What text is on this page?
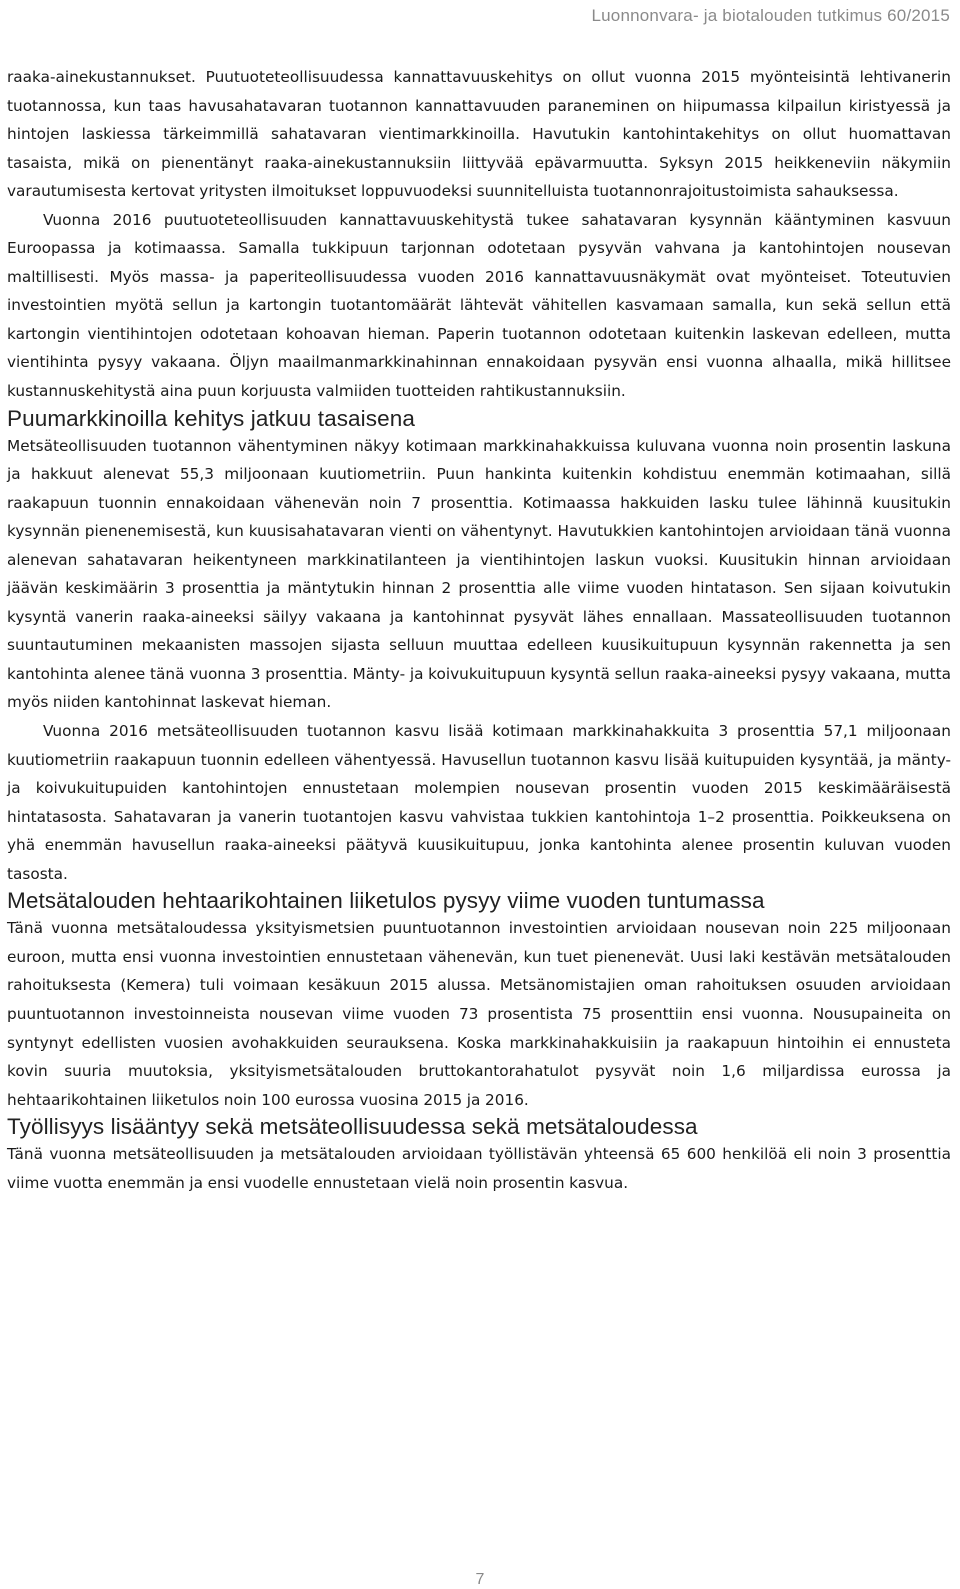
Luonnonvara- ja biotalouden tutkimus 60/2015

raaka-ainekustannukset. Puutuoteteollisuudessa kannattavuuskehitys on ollut vuonna 2015 myönteisintä lehtivanerin tuotannossa, kun taas havusahatavaran tuotannon kannattavuuden paraneminen on hiipumassa kilpailun kiristyessä ja hintojen laskiessa tärkeimmillä sahatavaran vientimarkkinoilla. Havutukin kantohintakehitys on ollut huomattavan tasaista, mikä on pienentänyt raaka-ainekustannuksiin liittyvää epävarmuutta. Syksyn 2015 heikkeneviin näkymiin varautumisesta kertovat yritysten ilmoitukset loppuvuodeksi suunnitelluista tuotannonrajoitustoimista sahauksessa.

Vuonna 2016 puutuoteteollisuuden kannattavuuskehitystä tukee sahatavaran kysynnän kääntyminen kasvuun Euroopassa ja kotimaassa. Samalla tukkipuun tarjonnan odotetaan pysyvän vahvana ja kantohintojen nousevan maltillisesti. Myös massa- ja paperiteollisuudessa vuoden 2016 kannattavuusnäkymät ovat myönteiset. Toteutuvien investointien myötä sellun ja kartongin tuotantomäärät lähtevät vähitellen kasvamaan samalla, kun sekä sellun että kartongin vientihintojen odotetaan kohoavan hieman. Paperin tuotannon odotetaan kuitenkin laskevan edelleen, mutta vientihinta pysyy vakaana. Öljyn maailmanmarkkinahinnan ennakoidaan pysyvän ensi vuonna alhaalla, mikä hillitsee kustannuskehitystä aina puun korjuusta valmiiden tuotteiden rahtikustannuksiin.

Puumarkkinoilla kehitys jatkuu tasaisena

Metsäteollisuuden tuotannon vähentyminen näkyy kotimaan markkinahakkuissa kuluvana vuonna noin prosentin laskuna ja hakkuut alenevat 55,3 miljoonaan kuutiometriin. Puun hankinta kuitenkin kohdistuu enemmän kotimaahan, sillä raakapuun tuonnin ennakoidaan vähenevän noin 7 prosenttia. Kotimaassa hakkuiden lasku tulee lähinnä kuusitukin kysynnän pienenemisestä, kun kuusisahatavaran vienti on vähentynyt. Havutukkien kantohintojen arvioidaan tänä vuonna alenevan sahatavaran heikentyneen markkinatilanteen ja vientihintojen laskun vuoksi. Kuusitukin hinnan arvioidaan jäävän keskimäärin 3 prosenttia ja mäntytukin hinnan 2 prosenttia alle viime vuoden hintatason. Sen sijaan koivutukin kysyntä vanerin raaka-aineeksi säilyy vakaana ja kantohinnat pysyvät lähes ennallaan. Massateollisuuden tuotannon suuntautuminen mekaanisten massojen sijasta selluun muuttaa edelleen kuusikuitupuun kysynnän rakennetta ja sen kantohinta alenee tänä vuonna 3 prosenttia. Mänty- ja koivukuitupuun kysyntä sellun raaka-aineeksi pysyy vakaana, mutta myös niiden kantohinnat laskevat hieman.

Vuonna 2016 metsäteollisuuden tuotannon kasvu lisää kotimaan markkinahakkuita 3 prosenttia 57,1 miljoonaan kuutiometriin raakapuun tuonnin edelleen vähentyessä. Havusellun tuotannon kasvu lisää kuitupuiden kysyntää, ja mänty- ja koivukuitupuiden kantohintojen ennustetaan molempien nousevan prosentin vuoden 2015 keskimääräisestä hintatasosta. Sahatavaran ja vanerin tuotantojen kasvu vahvistaa tukkien kantohintoja 1–2 prosenttia. Poikkeuksena on yhä enemmän havusellun raaka-aineeksi päätyvä kuusikuitupuu, jonka kantohinta alenee prosentin kuluvan vuoden tasosta.

Metsätalouden hehtaarikohtainen liiketulos pysyy viime vuoden tuntumassa

Tänä vuonna metsätaloudessa yksityismetsien puuntuotannon investointien arvioidaan nousevan noin 225 miljoonaan euroon, mutta ensi vuonna investointien ennustetaan vähenevän, kun tuet pienenevät. Uusi laki kestävän metsätalouden rahoituksesta (Kemera) tuli voimaan kesäkuun 2015 alussa. Metsänomistajien oman rahoituksen osuuden arvioidaan puuntuotannon investoinneista nousevan viime vuoden 73 prosentista 75 prosenttiin ensi vuonna. Nousupaineita on syntynyt edellisten vuosien avohakkuiden seurauksena. Koska markkinahakkuisiin ja raakapuun hintoihin ei ennusteta kovin suuria muutoksia, yksityismetsätalouden bruttokantorahatulot pysyvät noin 1,6 miljardissa eurossa ja hehtaarikohtainen liiketulos noin 100 eurossa vuosina 2015 ja 2016.

Työllisyys lisääntyy sekä metsäteollisuudessa sekä metsätaloudessa

Tänä vuonna metsäteollisuuden ja metsätalouden arvioidaan työllistävän yhteensä 65 600 henkilöä eli noin 3 prosenttia viime vuotta enemmän ja ensi vuodelle ennustetaan vielä noin prosentin kasvua.

7
